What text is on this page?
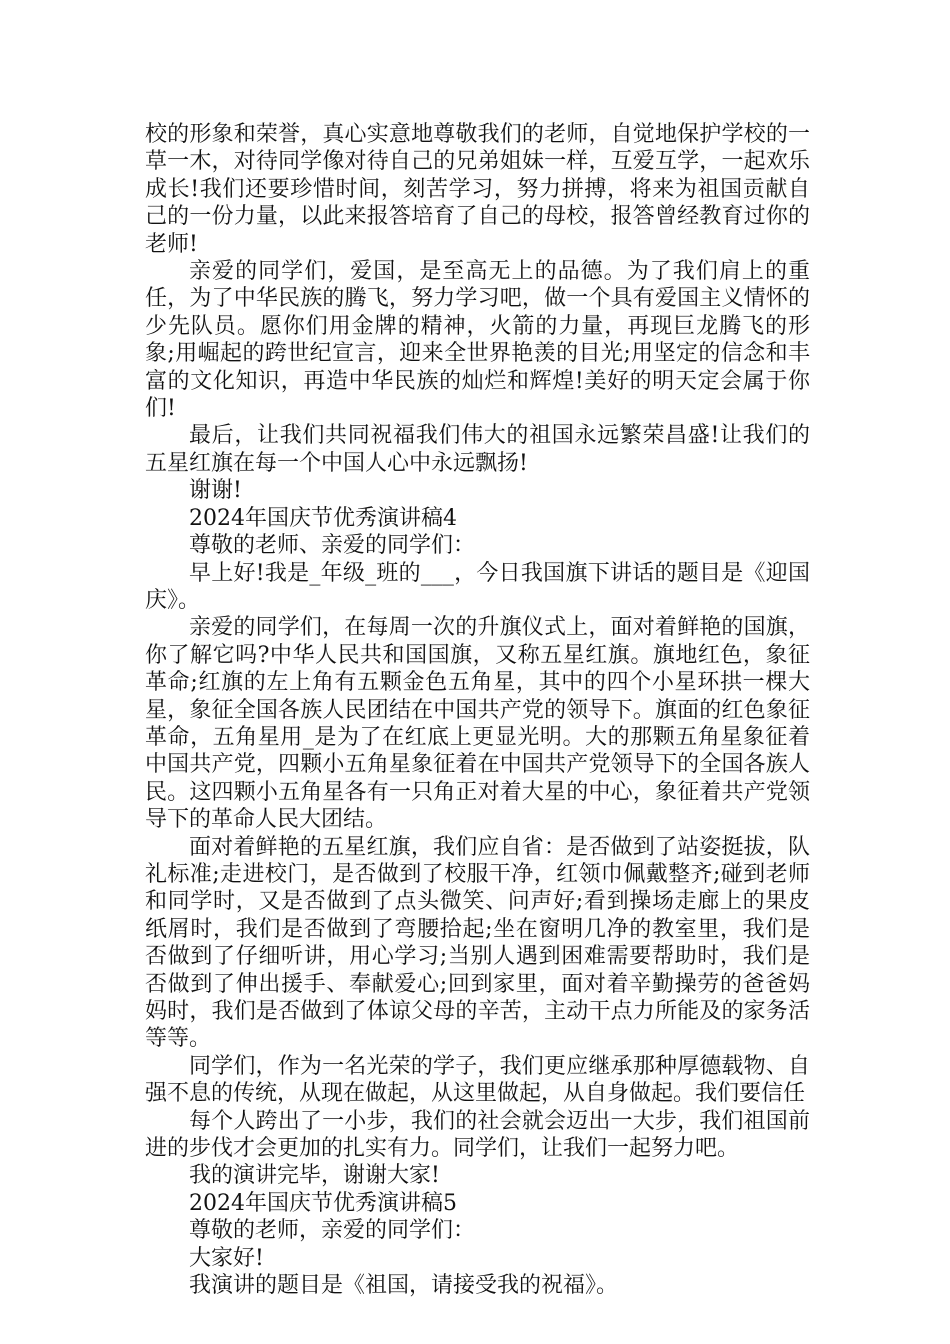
校的形象和荣誉，真心实意地尊敬我们的老师，自觉地保护学校的一草一木，对待同学像对待自己的兄弟姐妹一样，互爱互学，一起欢乐成长!我们还要珍惜时间，刻苦学习，努力拼搏，将来为祖国贡献自己的一份力量，以此来报答培育了自己的母校，报答曾经教育过你的老师!

亲爱的同学们，爱国，是至高无上的品德。为了我们肩上的重任，为了中华民族的腾飞，努力学习吧，做一个具有爱国主义情怀的少先队员。愿你们用金牌的精神，火箭的力量，再现巨龙腾飞的形象;用崛起的跨世纪宣言，迎来全世界艳羡的目光;用坚定的信念和丰富的文化知识，再造中华民族的灿烂和辉煌!美好的明天定会属于你们!

最后，让我们共同祝福我们伟大的祖国永远繁荣昌盛!让我们的五星红旗在每一个中国人心中永远飘扬!

谢谢!

2024年国庆节优秀演讲稿4

尊敬的老师、亲爱的同学们：

早上好!我是_年级_班的___，今日我国旗下讲话的题目是《迎国庆》。

亲爱的同学们，在每周一次的升旗仪式上，面对着鲜艳的国旗，你了解它吗?中华人民共和国国旗，又称五星红旗。旗地红色，象征革命;红旗的左上角有五颗金色五角星，其中的四个小星环拱一棵大星，象征全国各族人民团结在中国共产党的领导下。旗面的红色象征革命，五角星用_是为了在红底上更显光明。大的那颗五角星象征着中国共产党，四颗小五角星象征着在中国共产党领导下的全国各族人民。这四颗小五角星各有一只角正对着大星的中心，象征着共产党领导下的革命人民大团结。

面对着鲜艳的五星红旗，我们应自省：是否做到了站姿挺拔，队礼标准;走进校门，是否做到了校服干净，红领巾佩戴整齐;碰到老师和同学时，又是否做到了点头微笑、问声好;看到操场走廊上的果皮纸屑时，我们是否做到了弯腰拾起;坐在窗明几净的教室里，我们是否做到了仔细听讲，用心学习;当别人遇到困难需要帮助时，我们是否做到了伸出援手、奉献爱心;回到家里，面对着辛勤操劳的爸爸妈妈时，我们是否做到了体谅父母的辛苦，主动干点力所能及的家务活等等。

同学们，作为一名光荣的学子，我们更应继承那种厚德载物、自强不息的传统，从现在做起，从这里做起，从自身做起。我们要信任

每个人跨出了一小步，我们的社会就会迈出一大步，我们祖国前进的步伐才会更加的扎实有力。同学们，让我们一起努力吧。

我的演讲完毕，谢谢大家!

2024年国庆节优秀演讲稿5

尊敬的老师，亲爱的同学们：

大家好!

我演讲的题目是《祖国，请接受我的祝福》。
